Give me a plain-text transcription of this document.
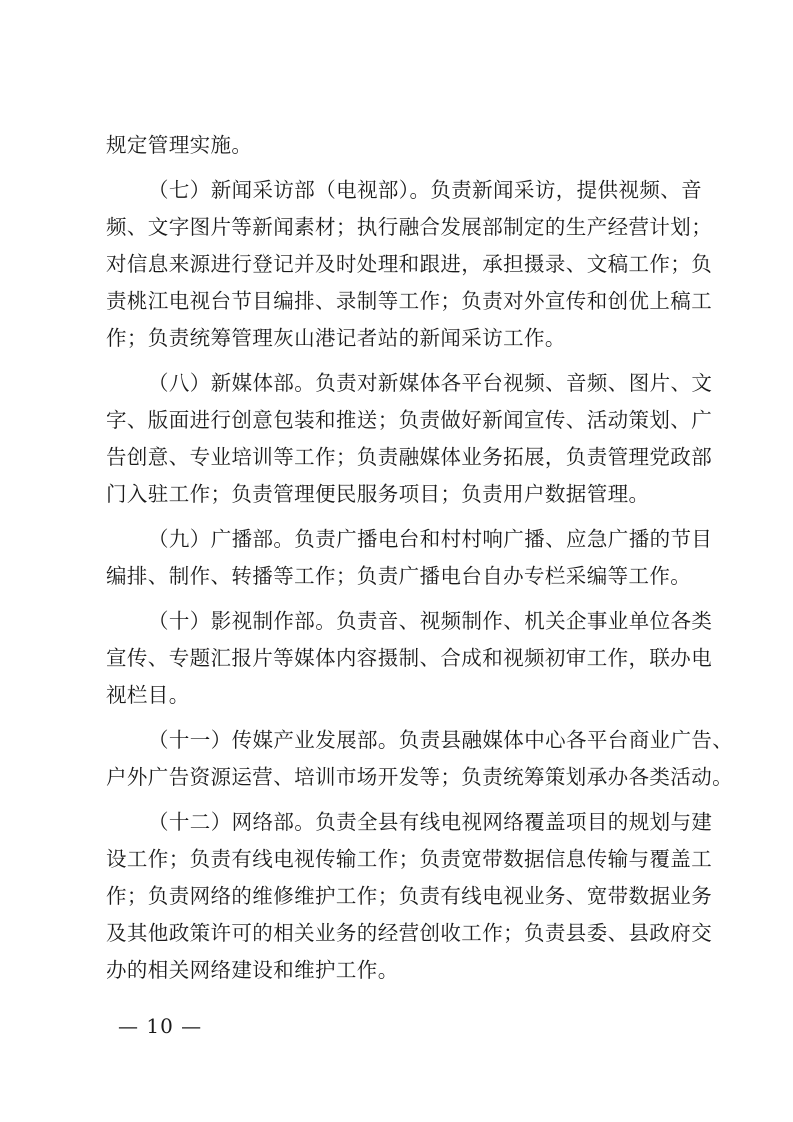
规定管理实施。
（七）新闻采访部（电视部）。负责新闻采访，提供视频、音
频、文字图片等新闻素材；执行融合发展部制定的生产经营计划；
对信息来源进行登记并及时处理和跟进，承担摄录、文稿工作；负
责桃江电视台节目编排、录制等工作；负责对外宣传和创优上稿工
作；负责统筹管理灰山港记者站的新闻采访工作。
（八）新媒体部。负责对新媒体各平台视频、音频、图片、文
字、版面进行创意包装和推送；负责做好新闻宣传、活动策划、广
告创意、专业培训等工作；负责融媒体业务拓展，负责管理党政部
门入驻工作；负责管理便民服务项目；负责用户数据管理。
（九）广播部。负责广播电台和村村响广播、应急广播的节目
编排、制作、转播等工作；负责广播电台自办专栏采编等工作。
（十）影视制作部。负责音、视频制作、机关企事业单位各类
宣传、专题汇报片等媒体内容摄制、合成和视频初审工作，联办电
视栏目。
（十一）传媒产业发展部。负责县融媒体中心各平台商业广告、
户外广告资源运营、培训市场开发等；负责统筹策划承办各类活动。
（十二）网络部。负责全县有线电视网络覆盖项目的规划与建
设工作；负责有线电视传输工作；负责宽带数据信息传输与覆盖工
作；负责网络的维修维护工作；负责有线电视业务、宽带数据业务
及其他政策许可的相关业务的经营创收工作；负责县委、县政府交
办的相关网络建设和维护工作。
— 10 —
